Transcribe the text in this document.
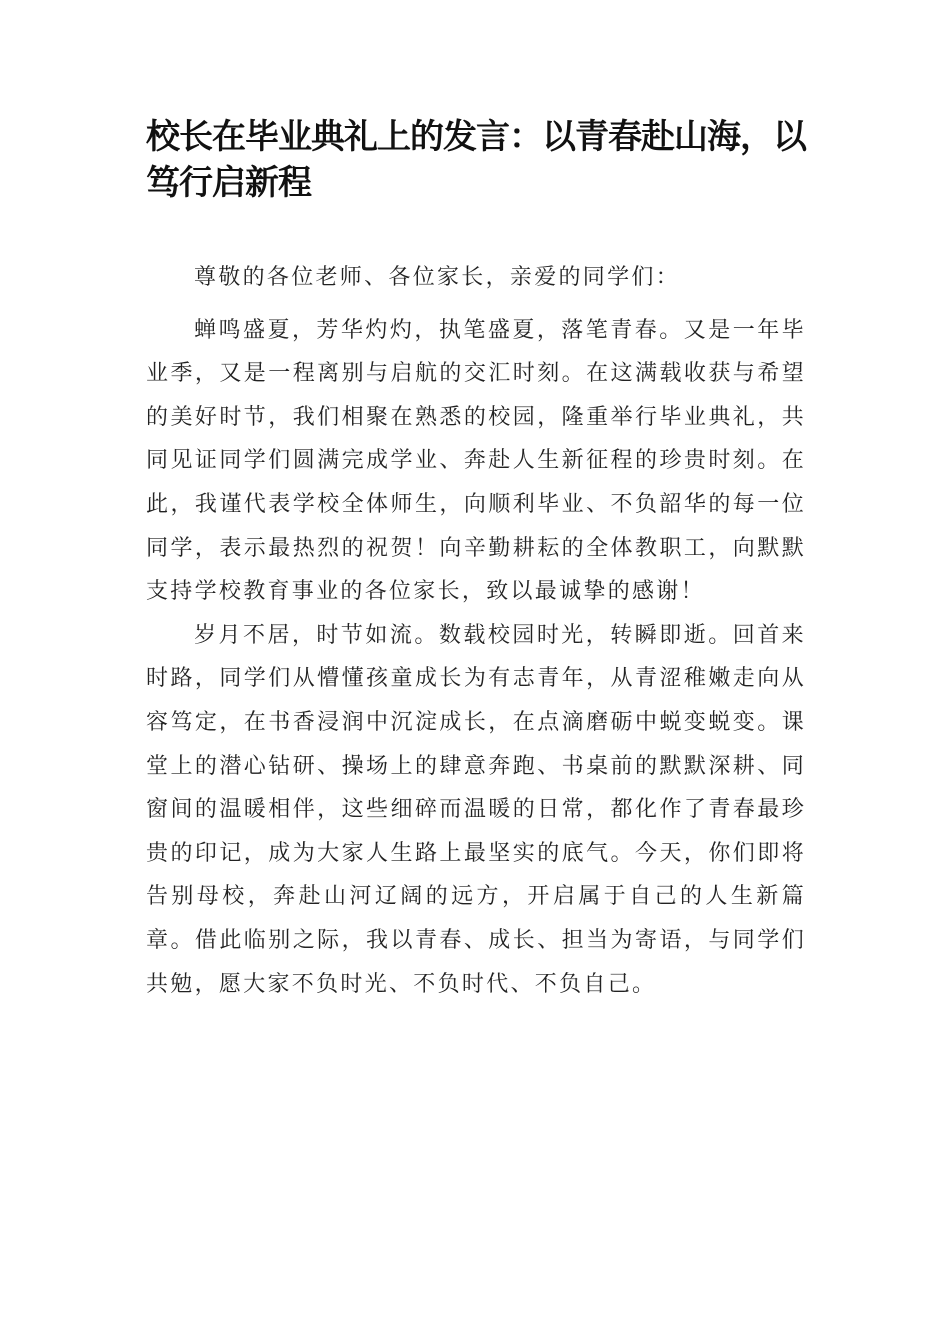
校长在毕业典礼上的发言：以青春赴山海，以笃行启新程

尊敬的各位老师、各位家长，亲爱的同学们：

蝉鸣盛夏，芳华灼灼，执笔盛夏，落笔青春。又是一年毕业季，又是一程离别与启航的交汇时刻。在这满载收获与希望的美好时节，我们相聚在熟悉的校园，隆重举行毕业典礼，共同见证同学们圆满完成学业、奔赴人生新征程的珍贵时刻。在此，我谨代表学校全体师生，向顺利毕业、不负韶华的每一位同学，表示最热烈的祝贺！向辛勤耕耘的全体教职工，向默默支持学校教育事业的各位家长，致以最诚挚的感谢！

岁月不居，时节如流。数载校园时光，转瞬即逝。回首来时路，同学们从懵懂孩童成长为有志青年，从青涩稚嫩走向从容笃定，在书香浸润中沉淀成长，在点滴磨砺中蜕变蜕变。课堂上的潜心钻研、操场上的肆意奔跑、书桌前的默默深耕、同窗间的温暖相伴，这些细碎而温暖的日常，都化作了青春最珍贵的印记，成为大家人生路上最坚实的底气。今天，你们即将告别母校，奔赴山河辽阔的远方，开启属于自己的人生新篇章。借此临别之际，我以青春、成长、担当为寄语，与同学们共勉，愿大家不负时光、不负时代、不负自己。
